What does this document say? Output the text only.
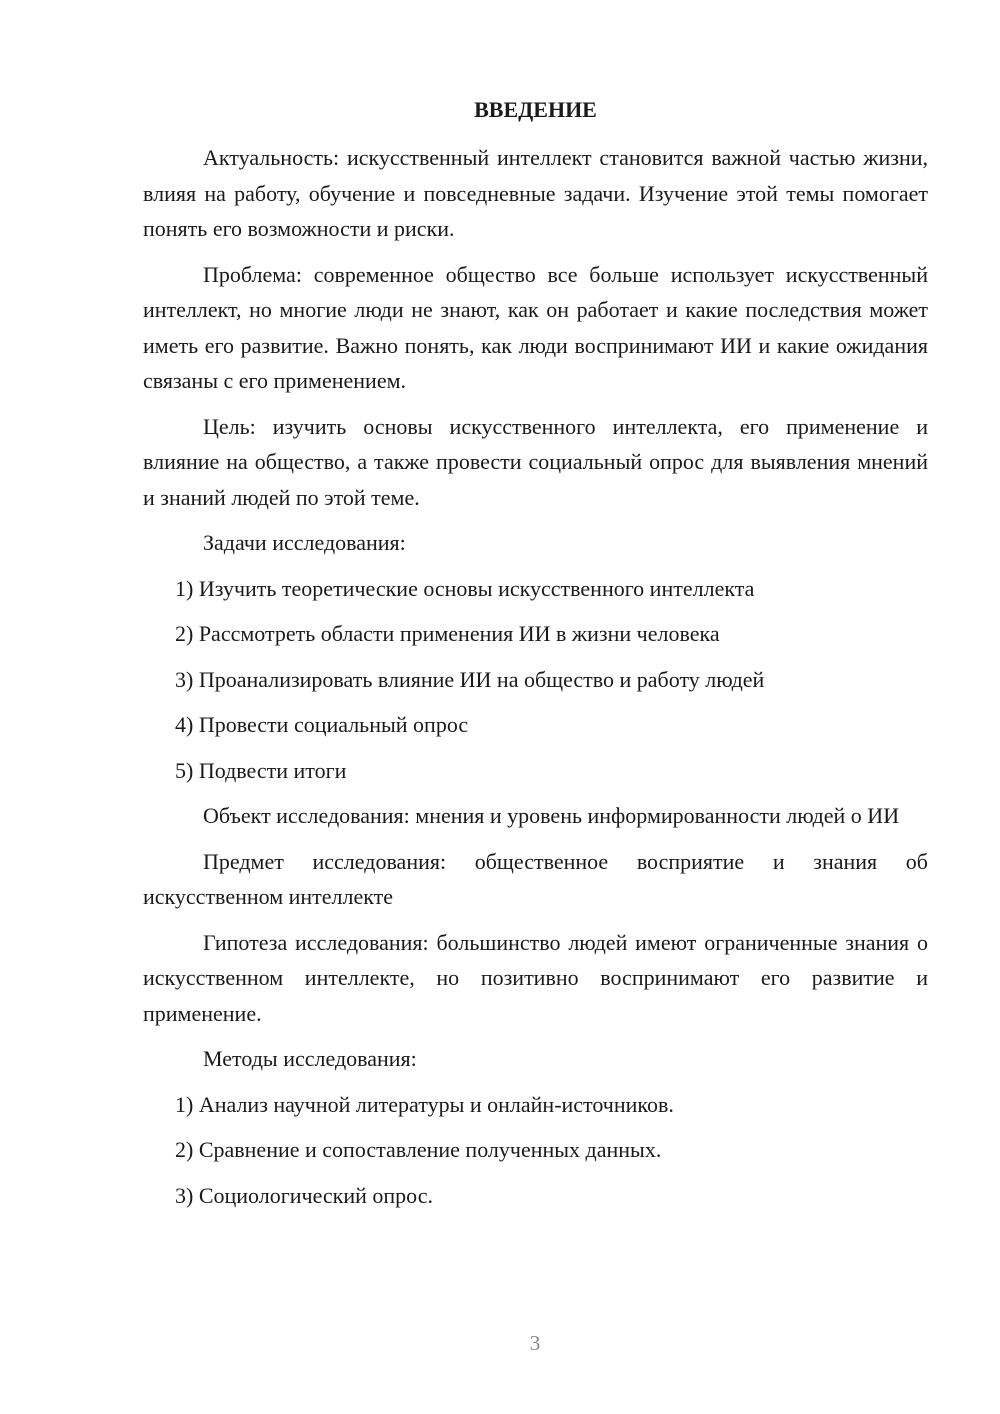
ВВЕДЕНИЕ

Актуальность: искусственный интеллект становится важной частью жизни, влияя на работу, обучение и повседневные задачи. Изучение этой темы помогает понять его возможности и риски.

Проблема: современное общество все больше использует искусственный интеллект, но многие люди не знают, как он работает и какие последствия может иметь его развитие. Важно понять, как люди воспринимают ИИ и какие ожидания связаны с его применением.

Цель: изучить основы искусственного интеллекта, его применение и влияние на общество, а также провести социальный опрос для выявления мнений и знаний людей по этой теме.

Задачи исследования:

1) Изучить теоретические основы искусственного интеллекта
2) Рассмотреть области применения ИИ в жизни человека
3) Проанализировать влияние ИИ на общество и работу людей
4) Провести социальный опрос
5) Подвести итоги

Объект исследования: мнения и уровень информированности людей о ИИ

Предмет исследования: общественное восприятие и знания об искусственном интеллекте

Гипотеза исследования: большинство людей имеют ограниченные знания о искусственном интеллекте, но позитивно воспринимают его развитие и применение.

Методы исследования:

1) Анализ научной литературы и онлайн-источников.
2) Сравнение и сопоставление полученных данных.
3) Социологический опрос.
3
